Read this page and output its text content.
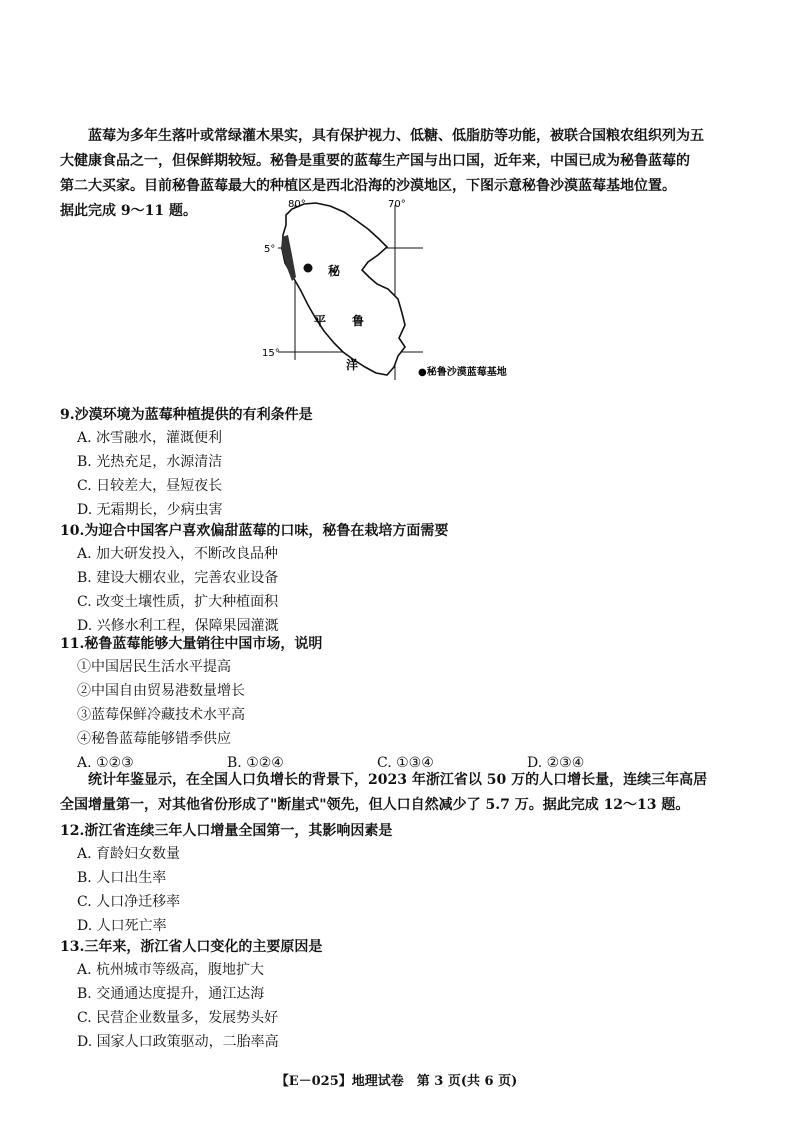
蓝莓为多年生落叶或常绿灌木果实，具有保护视力、低糖、低脂肪等功能，被联合国粮农组织列为五
大健康食品之一，但保鲜期较短。秘鲁是重要的蓝莓生产国与出口国，近年来，中国已成为秘鲁蓝莓的
第二大买家。目前秘鲁蓝莓最大的种植区是西北沿海的沙漠地区，下图示意秘鲁沙漠蓝莓基地位置。
据此完成 9～11 题。	80°	70°
5°
15°
秘
鲁
平
洋
●秘鲁沙漠蓝莓基地
9.沙漠环境为蓝莓种植提供的有利条件是
A. 冰雪融水，灌溉便利
B. 光热充足，水源清洁
C. 日较差大，昼短夜长
D. 无霜期长，少病虫害
10.为迎合中国客户喜欢偏甜蓝莓的口味，秘鲁在栽培方面需要
A. 加大研发投入，不断改良品种
B. 建设大棚农业，完善农业设备
C. 改变土壤性质，扩大种植面积
D. 兴修水利工程，保障果园灌溉
11.秘鲁蓝莓能够大量销往中国市场，说明
①中国居民生活水平提高
②中国自由贸易港数量增长
③蓝莓保鲜冷藏技术水平高
④秘鲁蓝莓能够错季供应
A. ①②③	B. ①②④	C. ①③④	D. ②③④

统计年鉴显示，在全国人口负增长的背景下，2023 年浙江省以 50 万的人口增长量，连续三年高居
全国增量第一，对其他省份形成了"断崖式"领先，但人口自然减少了 5.7 万。据此完成 12～13 题。

12.浙江省连续三年人口增量全国第一，其影响因素是
A. 育龄妇女数量
B. 人口出生率
C. 人口净迁移率
D. 人口死亡率
13.三年来，浙江省人口变化的主要原因是
A. 杭州城市等级高，腹地扩大
B. 交通通达度提升，通江达海
C. 民营企业数量多，发展势头好
D. 国家人口政策驱动，二胎率高
【E－025】地理试卷　第 3 页(共 6 页)
